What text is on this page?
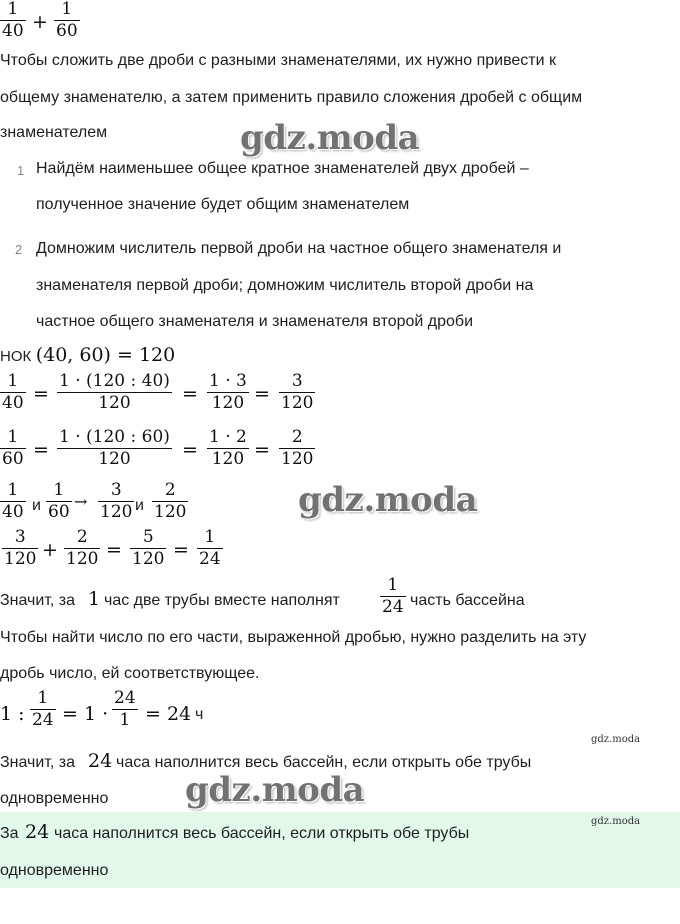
1
40 +
1
60
Чтобы сложить две дроби с разными знаменателями, их нужно привести к
общему знаменателю, а затем применить правило сложения дробей с общим
знаменателем	gdz.moda
1 Найдём наименьшее общее кратное знаменателей двух дробей –
полученное значение будет общим знаменателем
2 Домножим числитель первой дроби на частное общего знаменателя и
знаменателя первой дроби; домножим числитель второй дроби на
частное общего знаменателя и знаменателя второй дроби
НОК (40, 60) = 120
1
40 =
1 · (120 : 40)
120	=
1 · 3
120 =
3
120
1
60 =
1 · (120 : 60)
120	=
1 · 2
120 =
2
120
1
40 и
1
60
→
3
120 и
2
120	gdz.moda
3
120 +
2
120 =
5
120 =
1
24
Значит, за 1 час две трубы вместе наполнят
1
24 часть бассейна
Чтобы найти число по его части, выраженной дробью, нужно разделить на эту
дробь число, ей соответствующее.
1 :
1
24 = 1 ·
24
1 = 24 ч
gdz.moda
Значит, за 24 часа наполнится весь бассейн, если открыть обе трубы
одновременно gdz.moda
За 24 часа наполнится весь бассейн, если открыть обе трубы
одновременно
gdz.moda
